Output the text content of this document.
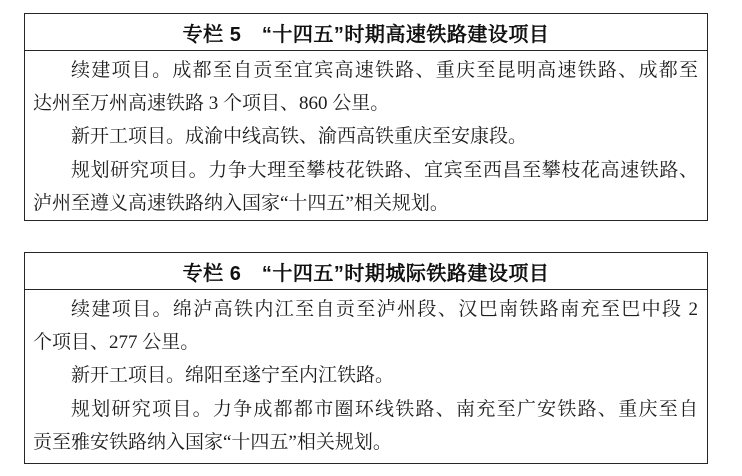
专栏 5　“十四五”时期高速铁路建设项目

续建项目。成都至自贡至宜宾高速铁路、重庆至昆明高速铁路、成都至

达州至万州高速铁路 3 个项目、860 公里。

新开工项目。成渝中线高铁、渝西高铁重庆至安康段。

规划研究项目。力争大理至攀枝花铁路、宜宾至西昌至攀枝花高速铁路、

泸州至遵义高速铁路纳入国家“十四五”相关规划。

专栏 6　“十四五”时期城际铁路建设项目

续建项目。绵泸高铁内江至自贡至泸州段、汉巴南铁路南充至巴中段 2

个项目、277 公里。

新开工项目。绵阳至遂宁至内江铁路。

规划研究项目。力争成都都市圈环线铁路、南充至广安铁路、重庆至自

贡至雅安铁路纳入国家“十四五”相关规划。
